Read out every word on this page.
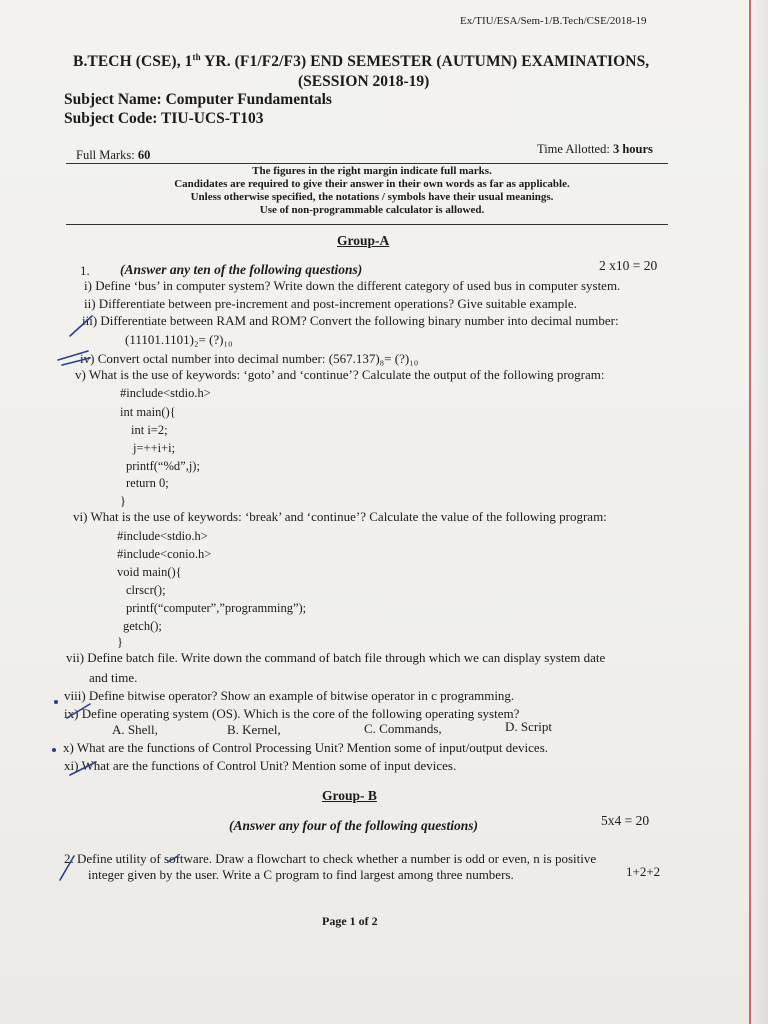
Ex/TIU/ESA/Sem-1/B.Tech/CSE/2018-19
B.TECH (CSE), 1th YR. (F1/F2/F3) END SEMESTER (AUTUMN) EXAMINATIONS,
(SESSION 2018-19)
Subject Name: Computer Fundamentals
Subject Code: TIU-UCS-T103
Full Marks: 60	Time Allotted: 3 hours
The figures in the right margin indicate full marks.
Candidates are required to give their answer in their own words as far as applicable.
Unless otherwise specified, the notations / symbols have their usual meanings.
Use of non-programmable calculator is allowed.
Group-A
1. (Answer any ten of the following questions)	2 x10 = 20
i) Define ‘bus’ in computer system? Write down the different category of used bus in computer system.
ii) Differentiate between pre-increment and post-increment operations? Give suitable example.
iii) Differentiate between RAM and ROM? Convert the following binary number into decimal number:
(11101.1101)₂= (?)₁₀
iv) Convert octal number into decimal number: (567.137)₈= (?)₁₀
v) What is the use of keywords: ‘goto’ and ‘continue’? Calculate the output of the following program:
#include<stdio.h>
int main(){
int i=2;
j=++i+i;
printf(“%d”,j);
return 0;
}
vi) What is the use of keywords: ‘break’ and ‘continue’? Calculate the value of the following program:
#include<stdio.h>
#include<conio.h>
void main(){
clrscr();
printf(“computer”,”programming”);
getch();
}
vii) Define batch file. Write down the command of batch file through which we can display system date
and time.
viii) Define bitwise operator? Show an example of bitwise operator in c programming.
ix) Define operating system (OS). Which is the core of the following operating system?
A. Shell,	B. Kernel,	C. Commands,	D. Script
x) What are the functions of Control Processing Unit? Mention some of input/output devices.
xi) What are the functions of Control Unit? Mention some of input devices.
Group- B
(Answer any four of the following questions)	5x4 = 20
2. Define utility of software. Draw a flowchart to check whether a number is odd or even, n is positive
integer given by the user. Write a C program to find largest among three numbers.	1+2+2
Page 1 of 2
